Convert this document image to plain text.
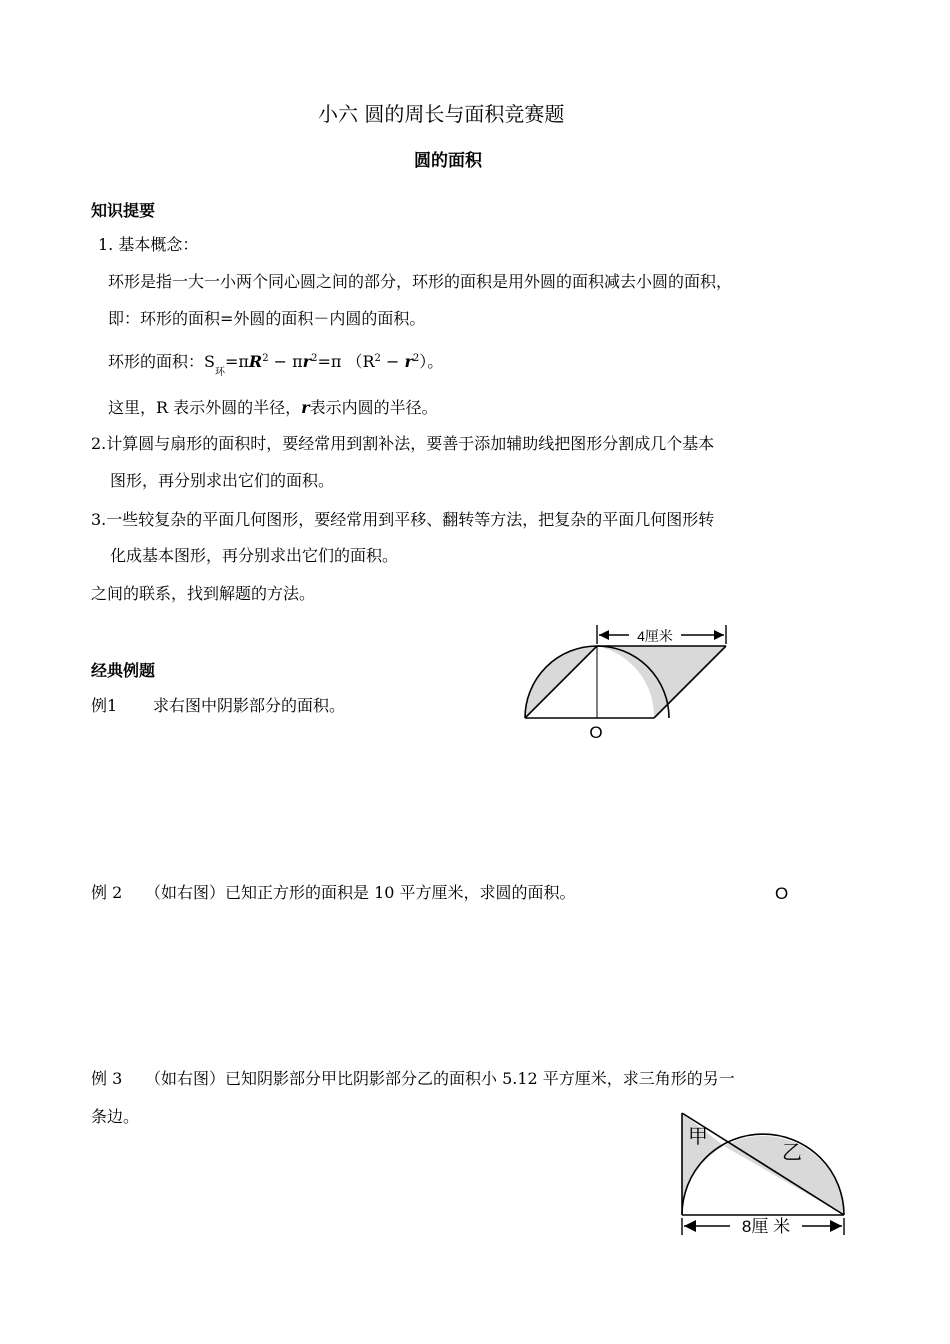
小六 圆的周长与面积竞赛题
圆的面积
知识提要
1. 基本概念：
环形是指一大一小两个同心圆之间的部分，环形的面积是用外圆的面积减去小圆的面积，
即：环形的面积=外圆的面积－内圆的面积。
环形的面积：$S_环=\pi R^2 - \pi r^2=\pi$ $(R^2 - r^2)$。
这里，R 表示外圆的半径，r表示内圆的半径。
2.计算圆与扇形的面积时，要经常用到割补法，要善于添加辅助线把图形分割成几个基本
图形，再分别求出它们的面积。
3.一些较复杂的平面几何图形，要经常用到平移、翻转等方法，把复杂的平面几何图形转
化成基本图形，再分别求出它们的面积。
之间的联系，找到解题的方法。
经典例题
例1 求右图中阴影部分的面积。
4厘米
O
例 2 （如右图）已知正方形的面积是 10 平方厘米，求圆的面积。	O
例 3 （如右图）已知阴影部分甲比阴影部分乙的面积小 5.12 平方厘米，求三角形的另一
条边。
甲
乙
8厘 米
